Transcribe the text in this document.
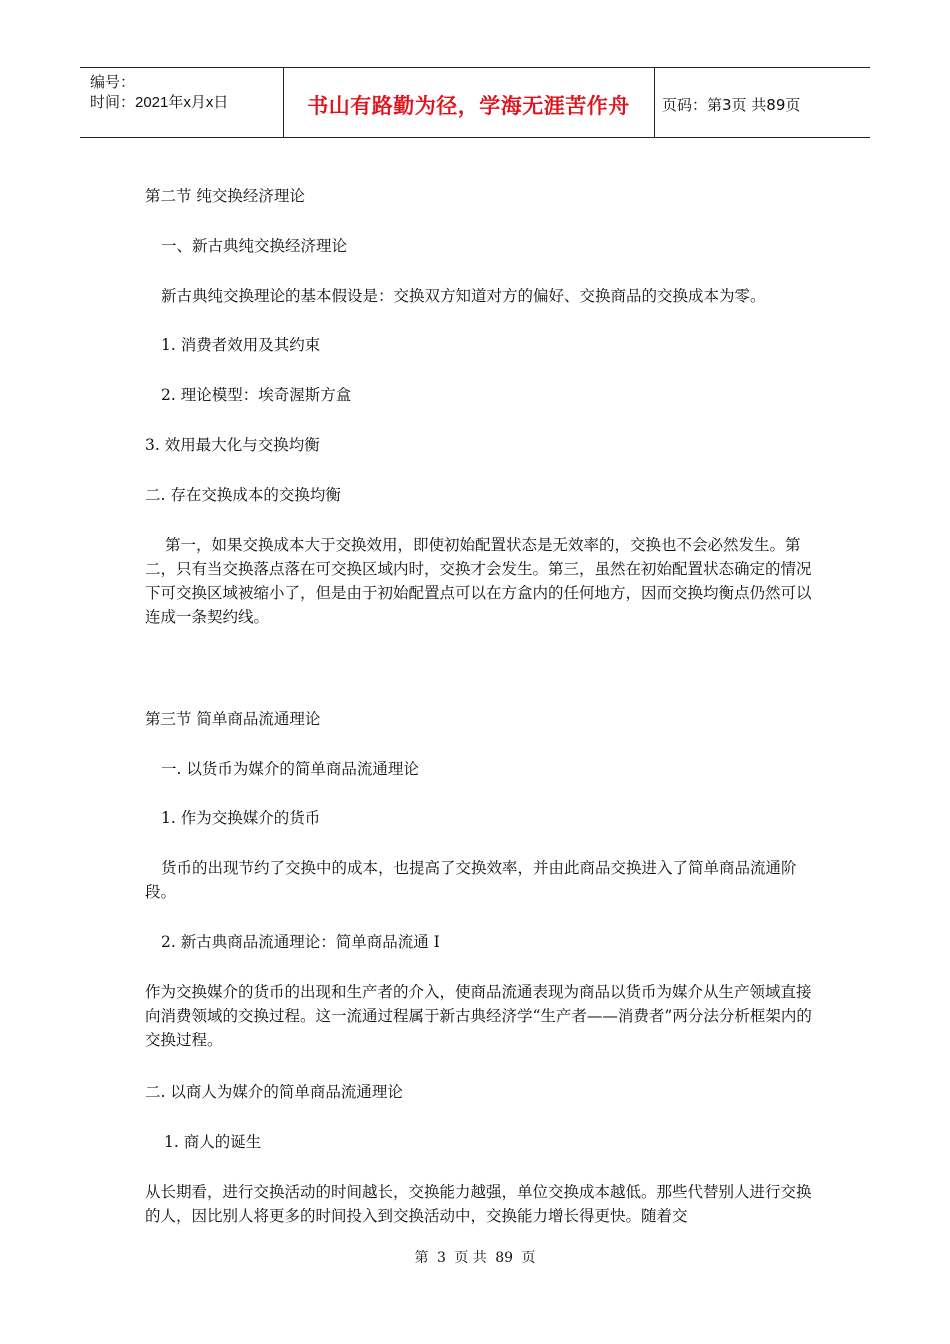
编号：
时间：2021年x月x日	书山有路勤为径，学海无涯苦作舟	页码：第3页 共89页

第二节 纯交换经济理论

一、新古典纯交换经济理论

新古典纯交换理论的基本假设是：交换双方知道对方的偏好、交换商品的交换成本为零。

1. 消费者效用及其约束

2. 理论模型：埃奇渥斯方盒

3. 效用最大化与交换均衡

二. 存在交换成本的交换均衡

第一，如果交换成本大于交换效用，即使初始配置状态是无效率的，交换也不会必然发生。第二，只有当交换落点落在可交换区域内时，交换才会发生。第三，虽然在初始配置状态确定的情况下可交换区域被缩小了，但是由于初始配置点可以在方盒内的任何地方，因而交换均衡点仍然可以连成一条契约线。

第三节 简单商品流通理论

一. 以货币为媒介的简单商品流通理论

1. 作为交换媒介的货币

货币的出现节约了交换中的成本，也提高了交换效率，并由此商品交换进入了简单商品流通阶段。

2. 新古典商品流通理论：简单商品流通 I

作为交换媒介的货币的出现和生产者的介入，使商品流通表现为商品以货币为媒介从生产领域直接向消费领域的交换过程。这一流通过程属于新古典经济学“生产者——消费者”两分法分析框架内的交换过程。

二. 以商人为媒介的简单商品流通理论

1. 商人的诞生

从长期看，进行交换活动的时间越长，交换能力越强，单位交换成本越低。那些代替别人进行交换的人，因比别人将更多的时间投入到交换活动中，交换能力增长得更快。随着交

第 3 页 共 89 页
